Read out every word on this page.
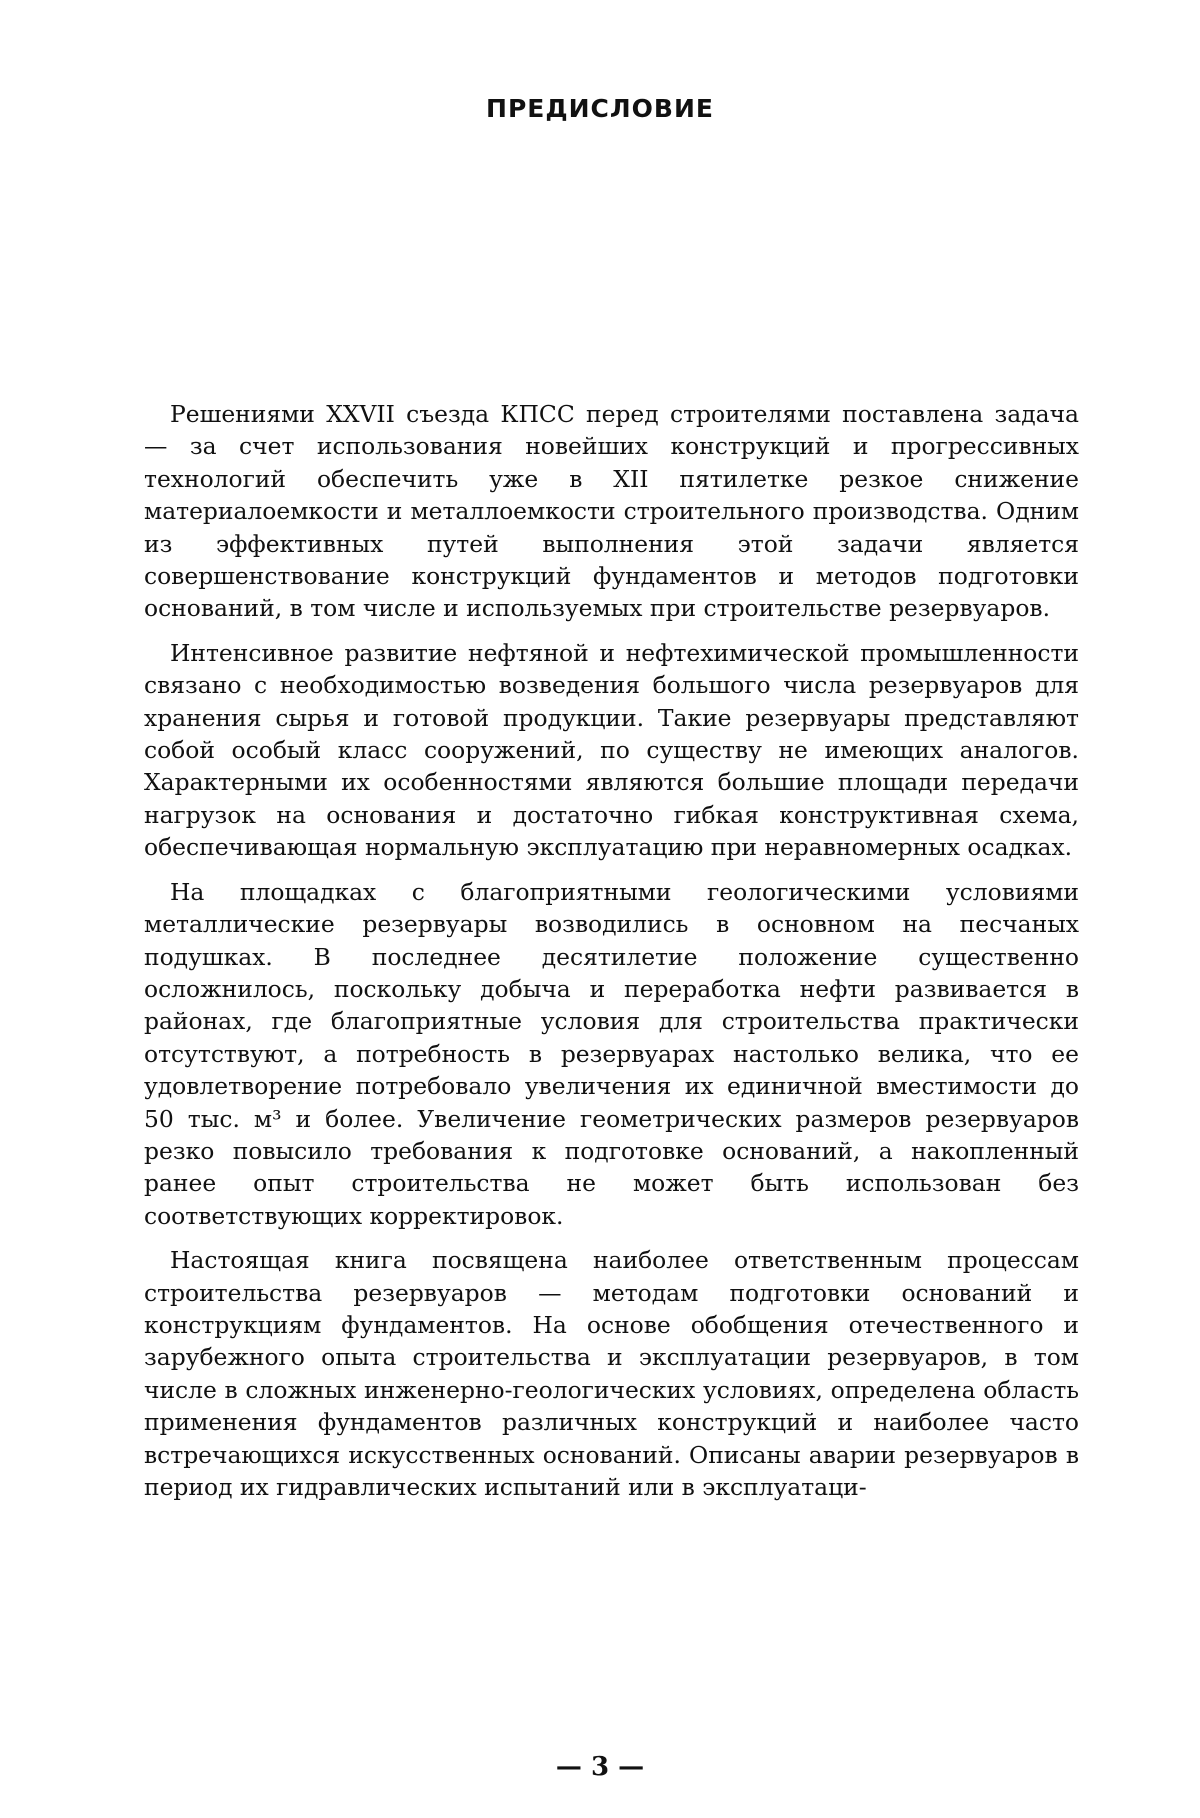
ПРЕДИСЛОВИЕ

Решениями XXVII съезда КПСС перед строителями поставлена задача — за счет использования новейших конструкций и прогрессивных технологий обеспечить уже в XII пятилетке резкое снижение материалоемкости и металлоемкости строительного производства. Одним из эффективных путей выполнения этой задачи является совершенствование конструкций фундаментов и методов подготовки оснований, в том числе и используемых при строительстве резервуаров.

Интенсивное развитие нефтяной и нефтехимической промышленности связано с необходимостью возведения большого числа резервуаров для хранения сырья и готовой продукции. Такие резервуары представляют собой особый класс сооружений, по существу не имеющих аналогов. Характерными их особенностями являются большие площади передачи нагрузок на основания и достаточно гибкая конструктивная схема, обеспечивающая нормальную эксплуатацию при неравномерных осадках.

На площадках с благоприятными геологическими условиями металлические резервуары возводились в основном на песчаных подушках. В последнее десятилетие положение существенно осложнилось, поскольку добыча и переработка нефти развивается в районах, где благоприятные условия для строительства практически отсутствуют, а потребность в резервуарах настолько велика, что ее удовлетворение потребовало увеличения их единичной вместимости до 50 тыс. м³ и более. Увеличение геометрических размеров резервуаров резко повысило требования к подготовке оснований, а накопленный ранее опыт строительства не может быть использован без соответствующих корректировок.

Настоящая книга посвящена наиболее ответственным процессам строительства резервуаров — методам подготовки оснований и конструкциям фундаментов. На основе обобщения отечественного и зарубежного опыта строительства и эксплуатации резервуаров, в том числе в сложных инженерно-геологических условиях, определена область применения фундаментов различных конструкций и наиболее часто встречающихся искусственных оснований. Описаны аварии резервуаров в период их гидравлических испытаний или в эксплуатаци-

— 3 —
